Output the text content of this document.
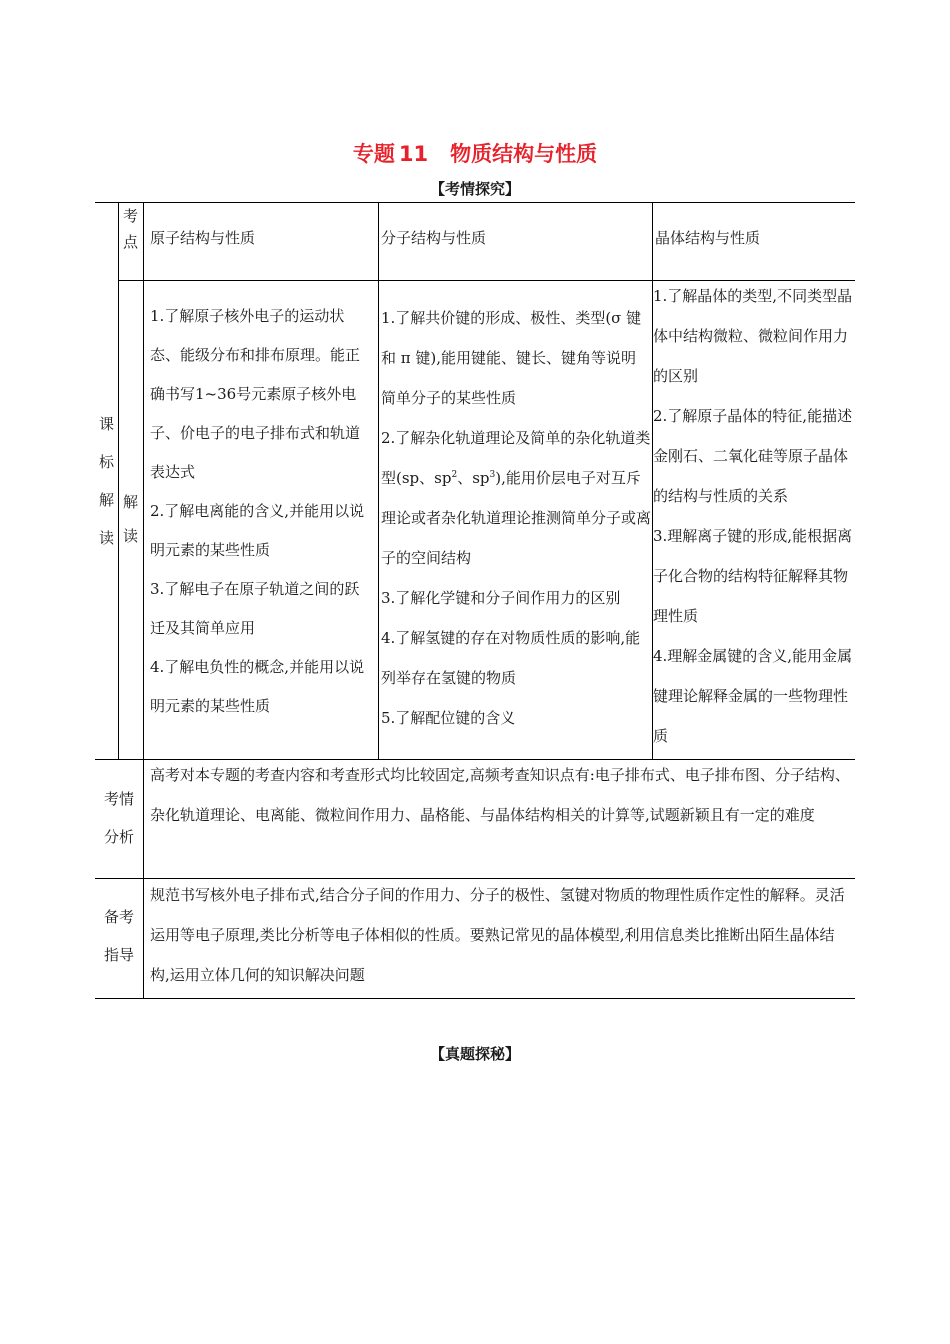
专题 11 物质结构与性质
【考情探究】
课
标
解
读
考
点
解
读
考情
分析
备考
指导
原子结构与性质	分子结构与性质	晶体结构与性质

1.了解原子核外电子的运动状态、能级分布和排布原理。能正确书写1~36号元素原子核外电子、价电子的电子排布式和轨道表达式

2.了解电离能的含义,并能用以说明元素的某些性质

3.了解电子在原子轨道之间的跃迁及其简单应用

4.了解电负性的概念,并能用以说明元素的某些性质

1.了解共价键的形成、极性、类型(σ 键和 π 键),能用键能、键长、键角等说明简单分子的某些性质

2.了解杂化轨道理论及简单的杂化轨道类型(sp、$sp^2$、$sp^3$),能用价层电子对互斥理论或者杂化轨道理论推测简单分子或离子的空间结构

3.了解化学键和分子间作用力的区别

4.了解氢键的存在对物质性质的影响,能列举存在氢键的物质

5.了解配位键的含义

1.了解晶体的类型,不同类型晶体中结构微粒、微粒间作用力的区别

2.了解原子晶体的特征,能描述金刚石、二氧化硅等原子晶体的结构与性质的关系

3.理解离子键的形成,能根据离子化合物的结构特征解释其物理性质

4.理解金属键的含义,能用金属键理论解释金属的一些物理性质

高考对本专题的考查内容和考查形式均比较固定,高频考查知识点有:电子排布式、电子排布图、分子结构、杂化轨道理论、电离能、微粒间作用力、晶格能、与晶体结构相关的计算等,试题新颖且有一定的难度
规范书写核外电子排布式,结合分子间的作用力、分子的极性、氢键对物质的物理性质作定性的解释。灵活运用等电子原理,类比分析等电子体相似的性质。要熟记常见的晶体模型,利用信息类比推断出陌生晶体结构,运用立体几何的知识解决问题
【真题探秘】
